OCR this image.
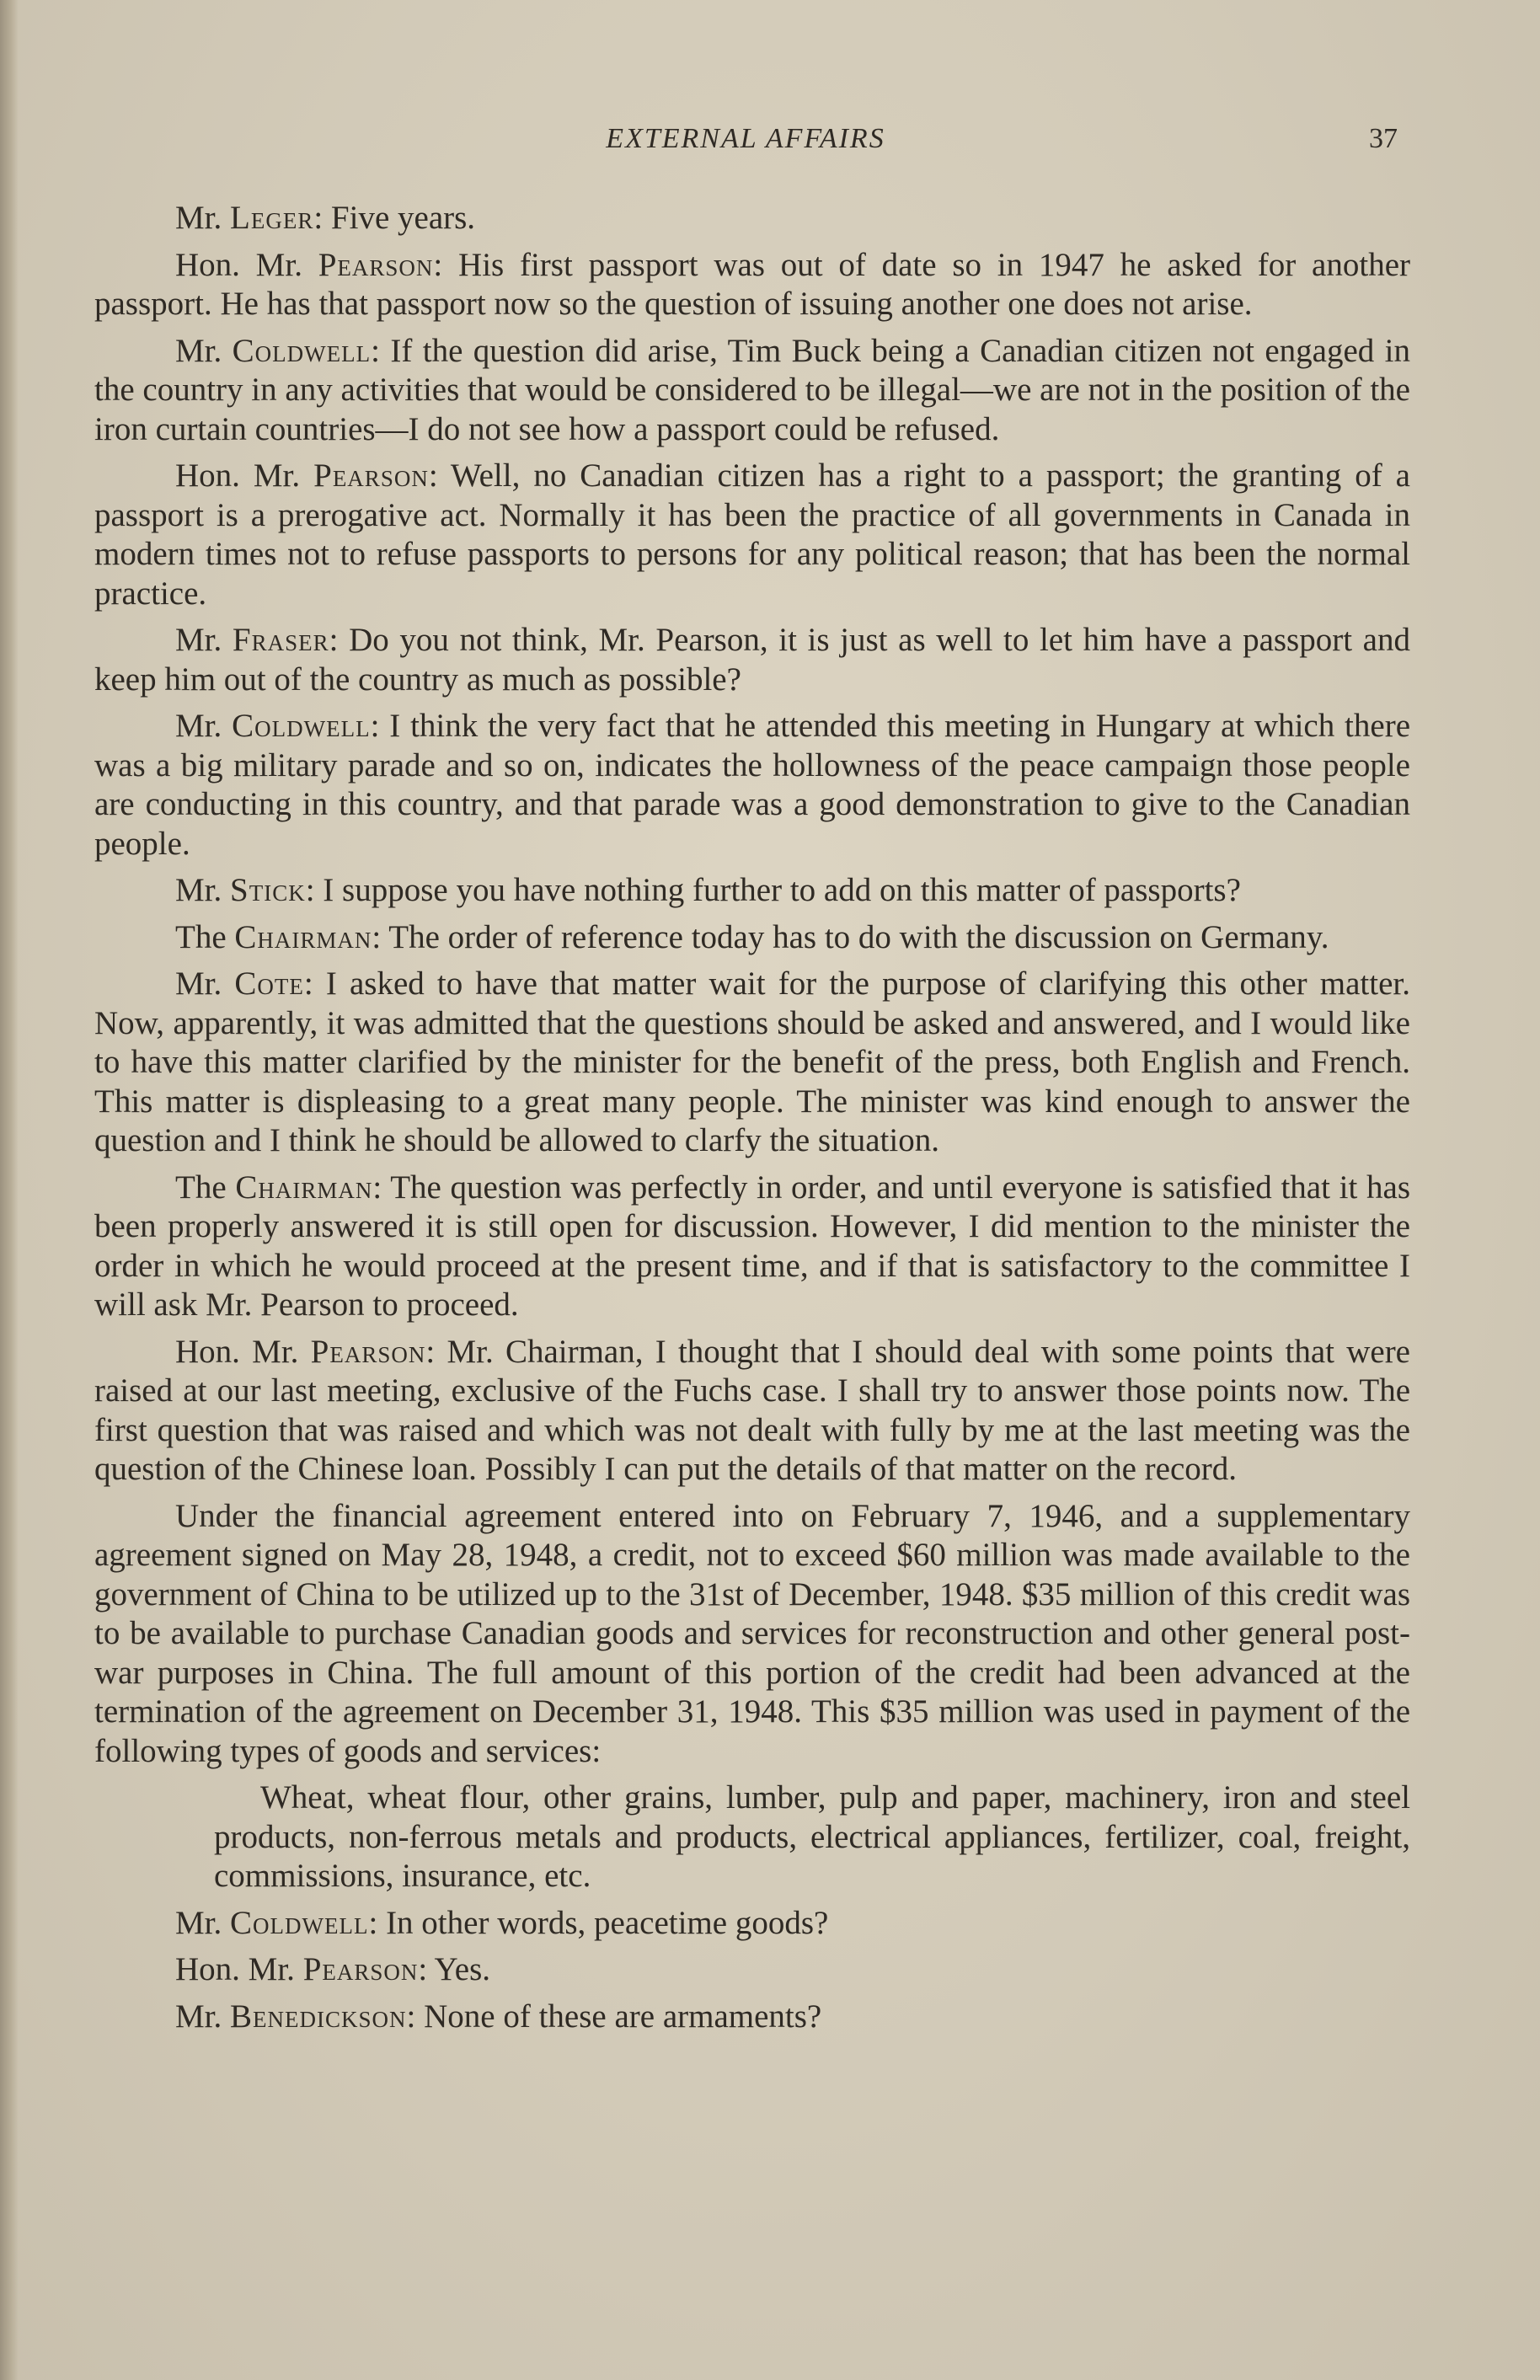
EXTERNAL AFFAIRS	37

Mr. Leger: Five years.

Hon. Mr. Pearson: His first passport was out of date so in 1947 he asked for another passport. He has that passport now so the question of issuing another one does not arise.

Mr. Coldwell: If the question did arise, Tim Buck being a Canadian citizen not engaged in the country in any activities that would be considered to be illegal—we are not in the position of the iron curtain countries—I do not see how a passport could be refused.

Hon. Mr. Pearson: Well, no Canadian citizen has a right to a passport; the granting of a passport is a prerogative act. Normally it has been the practice of all governments in Canada in modern times not to refuse passports to persons for any political reason; that has been the normal practice.

Mr. Fraser: Do you not think, Mr. Pearson, it is just as well to let him have a passport and keep him out of the country as much as possible?

Mr. Coldwell: I think the very fact that he attended this meeting in Hungary at which there was a big military parade and so on, indicates the hollowness of the peace campaign those people are conducting in this country, and that parade was a good demonstration to give to the Canadian people.

Mr. Stick: I suppose you have nothing further to add on this matter of passports?

The Chairman: The order of reference today has to do with the discussion on Germany.

Mr. Cote: I asked to have that matter wait for the purpose of clarifying this other matter. Now, apparently, it was admitted that the questions should be asked and answered, and I would like to have this matter clarified by the minister for the benefit of the press, both English and French. This matter is displeasing to a great many people. The minister was kind enough to answer the question and I think he should be allowed to clarfy the situation.

The Chairman: The question was perfectly in order, and until everyone is satisfied that it has been properly answered it is still open for discussion. However, I did mention to the minister the order in which he would proceed at the present time, and if that is satisfactory to the committee I will ask Mr. Pearson to proceed.

Hon. Mr. Pearson: Mr. Chairman, I thought that I should deal with some points that were raised at our last meeting, exclusive of the Fuchs case. I shall try to answer those points now. The first question that was raised and which was not dealt with fully by me at the last meeting was the question of the Chinese loan. Possibly I can put the details of that matter on the record.

Under the financial agreement entered into on February 7, 1946, and a supplementary agreement signed on May 28, 1948, a credit, not to exceed $60 million was made available to the government of China to be utilized up to the 31st of December, 1948. $35 million of this credit was to be available to purchase Canadian goods and services for reconstruction and other general post-war purposes in China. The full amount of this portion of the credit had been advanced at the termination of the agreement on December 31, 1948. This $35 million was used in payment of the following types of goods and services:

Wheat, wheat flour, other grains, lumber, pulp and paper, machinery, iron and steel products, non-ferrous metals and products, electrical appliances, fertilizer, coal, freight, commissions, insurance, etc.

Mr. Coldwell: In other words, peacetime goods?

Hon. Mr. Pearson: Yes.

Mr. Benedickson: None of these are armaments?
